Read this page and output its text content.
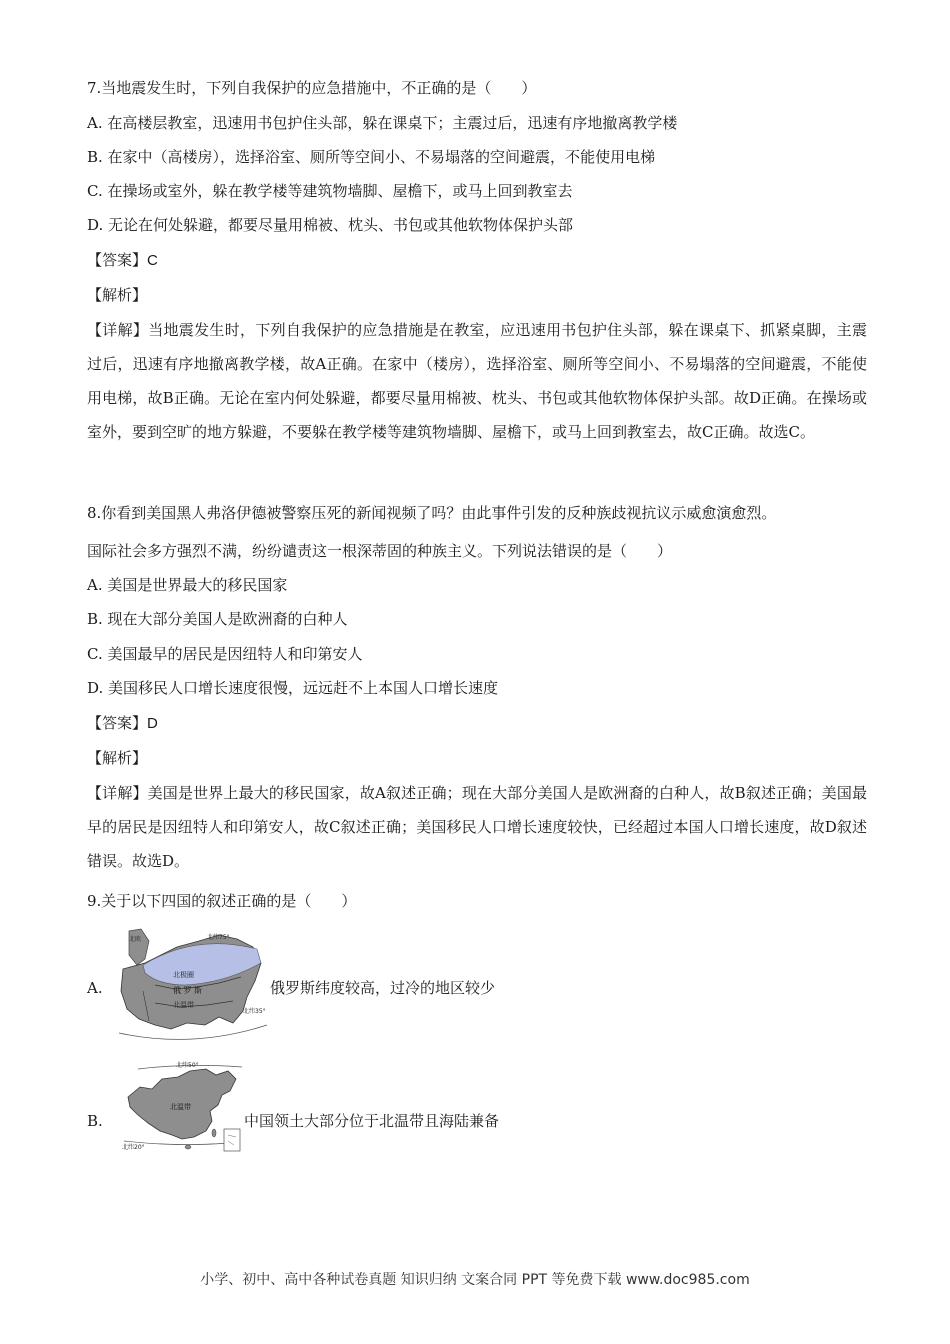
7.当地震发生时，下列自我保护的应急措施中，不正确的是（　　）
A. 在高楼层教室，迅速用书包护住头部，躲在课桌下；主震过后，迅速有序地撤离教学楼
B. 在家中（高楼房），选择浴室、厕所等空间小、不易塌落的空间避震，不能使用电梯
C. 在操场或室外，躲在教学楼等建筑物墙脚、屋檐下，或马上回到教室去
D. 无论在何处躲避，都要尽量用棉被、枕头、书包或其他软物体保护头部
【答案】C
【解析】
【详解】当地震发生时，下列自我保护的应急措施是在教室，应迅速用书包护住头部，躲在课桌下、抓紧桌脚，主震过后，迅速有序地撤离教学楼，故A正确。在家中（楼房），选择浴室、厕所等空间小、不易塌落的空间避震，不能使用电梯，故B正确。无论在室内何处躲避，都要尽量用棉被、枕头、书包或其他软物体保护头部。故D正确。在操场或室外，要到空旷的地方躲避，不要躲在教学楼等建筑物墙脚、屋檐下，或马上回到教室去，故C正确。故选C。
8.你看到美国黑人弗洛伊德被警察压死的新闻视频了吗？由此事件引发的反种族歧视抗议示威愈演愈烈。
国际社会多方强烈不满，纷纷谴责这一根深蒂固的种族主义。下列说法错误的是（　　）
A. 美国是世界最大的移民国家
B. 现在大部分美国人是欧洲裔的白种人
C. 美国最早的居民是因纽特人和印第安人
D. 美国移民人口增长速度很慢，远远赶不上本国人口增长速度
【答案】D
【解析】
【详解】美国是世界上最大的移民国家，故A叙述正确；现在大部分美国人是欧洲裔的白种人，故B叙述正确；美国最早的居民是因纽特人和印第安人，故C叙述正确；美国移民人口增长速度较快，已经超过本国人口增长速度，故D叙述错误。故选D。
9.关于以下四国的叙述正确的是（　　）
A.
北欧	北纬75°
北极圈
俄 罗 斯
北温带
北纬35°
俄罗斯纬度较高，过冷的地区较少
B.
北纬50°
北纬20°
北温带
中国领土大部分位于北温带且海陆兼备
小学、初中、高中各种试卷真题 知识归纳 文案合同 PPT 等免费下载 www.doc985.com
